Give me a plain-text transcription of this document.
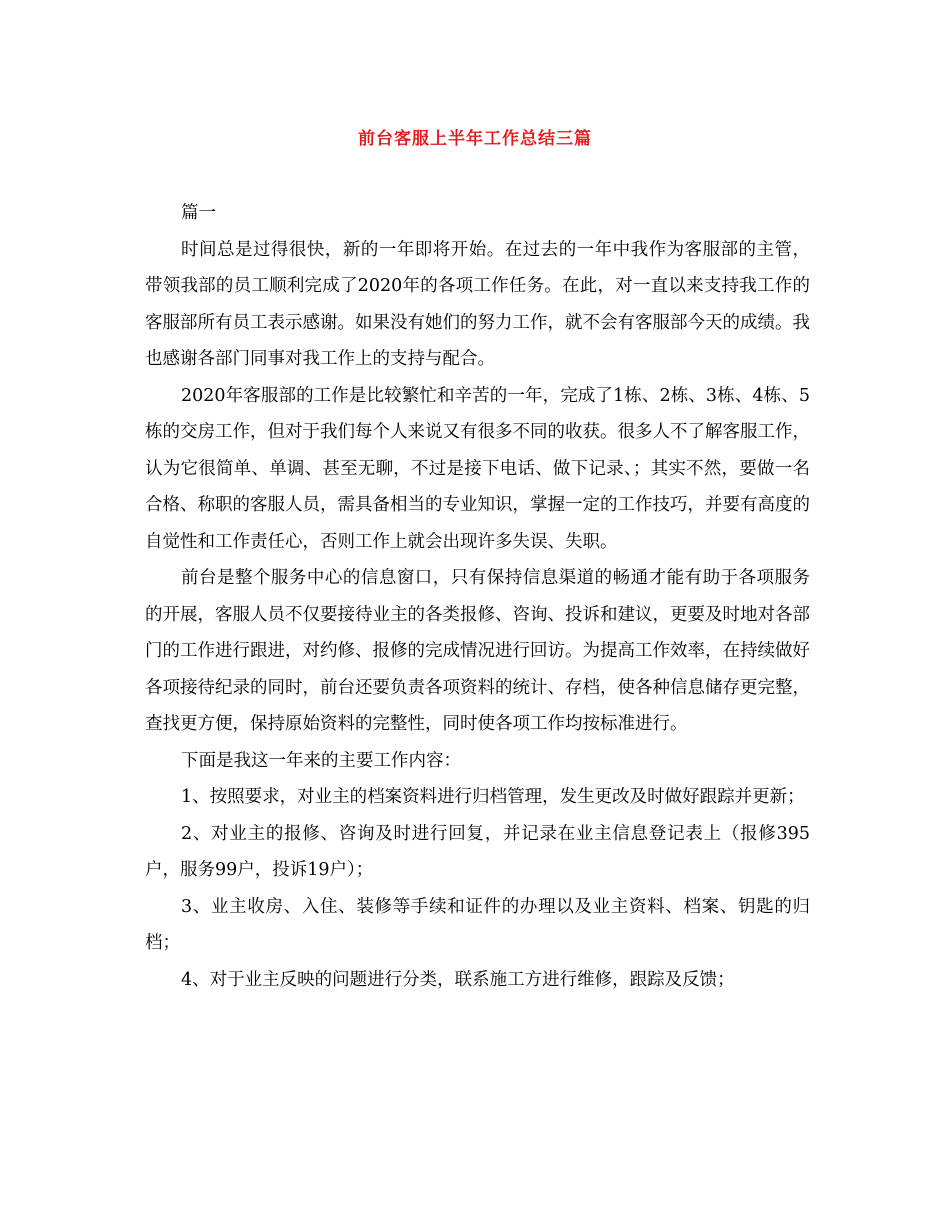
前台客服上半年工作总结三篇

篇一

时间总是过得很快，新的一年即将开始。在过去的一年中我作为客服部的主管，带领我部的员工顺利完成了2020年的各项工作任务。在此，对一直以来支持我工作的客服部所有员工表示感谢。如果没有她们的努力工作，就不会有客服部今天的成绩。我也感谢各部门同事对我工作上的支持与配合。

2020年客服部的工作是比较繁忙和辛苦的一年，完成了1栋、2栋、3栋、4栋、5栋的交房工作，但对于我们每个人来说又有很多不同的收获。很多人不了解客服工作，认为它很简单、单调、甚至无聊，不过是接下电话、做下记录、；其实不然，要做一名合格、称职的客服人员，需具备相当的专业知识，掌握一定的工作技巧，并要有高度的自觉性和工作责任心，否则工作上就会出现许多失误、失职。

前台是整个服务中心的信息窗口，只有保持信息渠道的畅通才能有助于各项服务的开展，客服人员不仅要接待业主的各类报修、咨询、投诉和建议，更要及时地对各部门的工作进行跟进，对约修、报修的完成情况进行回访。为提高工作效率，在持续做好各项接待纪录的同时，前台还要负责各项资料的统计、存档，使各种信息储存更完整，查找更方便，保持原始资料的完整性，同时使各项工作均按标准进行。

下面是我这一年来的主要工作内容：

1、按照要求，对业主的档案资料进行归档管理，发生更改及时做好跟踪并更新；

2、对业主的报修、咨询及时进行回复，并记录在业主信息登记表上（报修395户，服务99户，投诉19户）；

3、业主收房、入住、装修等手续和证件的办理以及业主资料、档案、钥匙的归档；

4、对于业主反映的问题进行分类，联系施工方进行维修，跟踪及反馈；
